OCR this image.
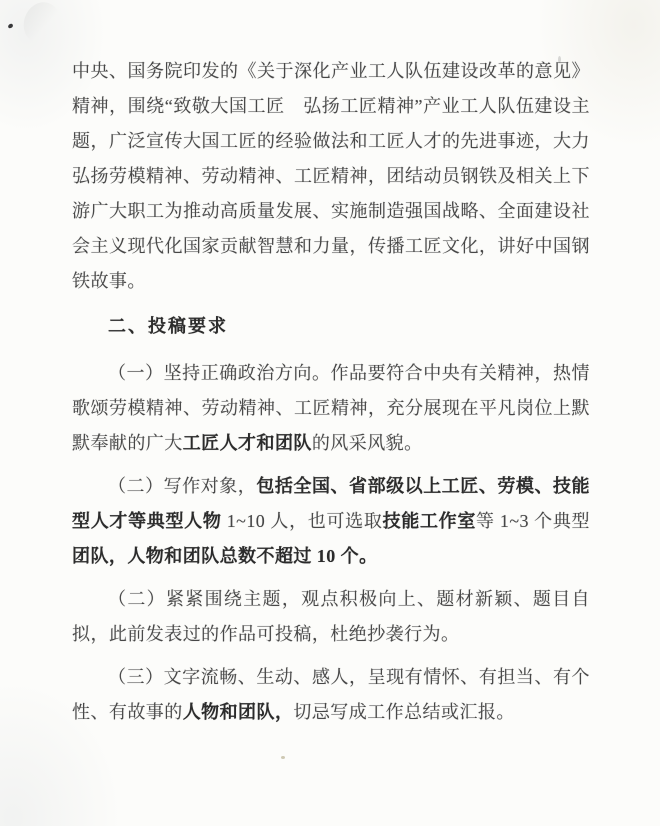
中央、国务院印发的《关于深化产业工人队伍建设改革的意见》精神，围绕“致敬大国工匠　弘扬工匠精神”产业工人队伍建设主题，广泛宣传大国工匠的经验做法和工匠人才的先进事迹，大力弘扬劳模精神、劳动精神、工匠精神，团结动员钢铁及相关上下游广大职工为推动高质量发展、实施制造强国战略、全面建设社会主义现代化国家贡献智慧和力量，传播工匠文化，讲好中国钢铁故事。

二、投稿要求

（一）坚持正确政治方向。作品要符合中央有关精神，热情歌颂劳模精神、劳动精神、工匠精神，充分展现在平凡岗位上默默奉献的广大工匠人才和团队的风采风貌。

（二）写作对象，包括全国、省部级以上工匠、劳模、技能型人才等典型人物 1~10 人，也可选取技能工作室等 1~3 个典型团队，人物和团队总数不超过 10 个。

（二）紧紧围绕主题，观点积极向上、题材新颖、题目自拟，此前发表过的作品可投稿，杜绝抄袭行为。

（三）文字流畅、生动、感人，呈现有情怀、有担当、有个性、有故事的人物和团队，切忌写成工作总结或汇报。
